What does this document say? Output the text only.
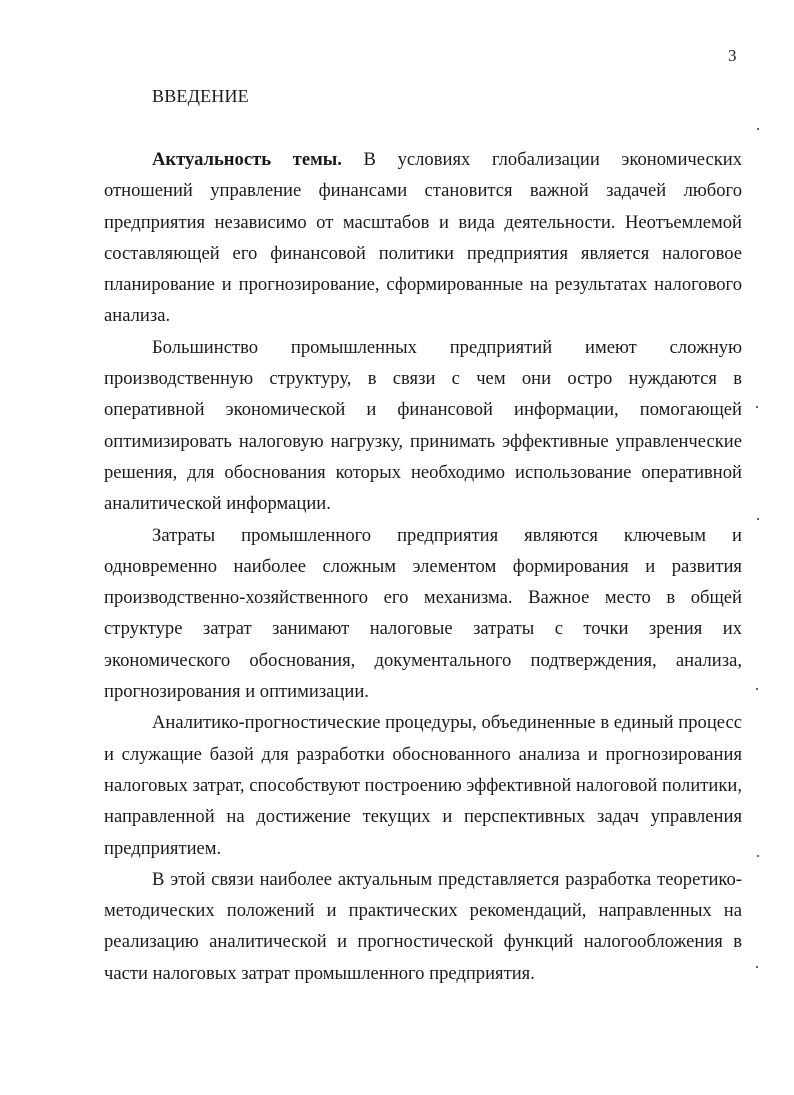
3
ВВЕДЕНИЕ

Актуальность темы. В условиях глобализации экономических отношений управление финансами становится важной задачей любого предприятия независимо от масштабов и вида деятельности. Неотъемлемой составляющей его финансовой политики предприятия является налоговое планирование и прогнозирование, сформированные на результатах налогового анализа.

Большинство промышленных предприятий имеют сложную производственную структуру, в связи с чем они остро нуждаются в оперативной экономической и финансовой информации, помогающей оптимизировать налоговую нагрузку, принимать эффективные управленческие решения, для обоснования которых необходимо использование оперативной аналитической информации.

Затраты промышленного предприятия являются ключевым и одновременно наиболее сложным элементом формирования и развития производственно-хозяйственного его механизма. Важное место в общей структуре затрат занимают налоговые затраты с точки зрения их экономического обоснования, документального подтверждения, анализа, прогнозирования и оптимизации.

Аналитико-прогностические процедуры, объединенные в единый процесс и служащие базой для разработки обоснованного анализа и прогнозирования налоговых затрат, способствуют построению эффективной налоговой политики, направленной на достижение текущих и перспективных задач управления предприятием.

В этой связи наиболее актуальным представляется разработка теоретико-методических положений и практических рекомендаций, направленных на реализацию аналитической и прогностической функций налогообложения в части налоговых затрат промышленного предприятия.
